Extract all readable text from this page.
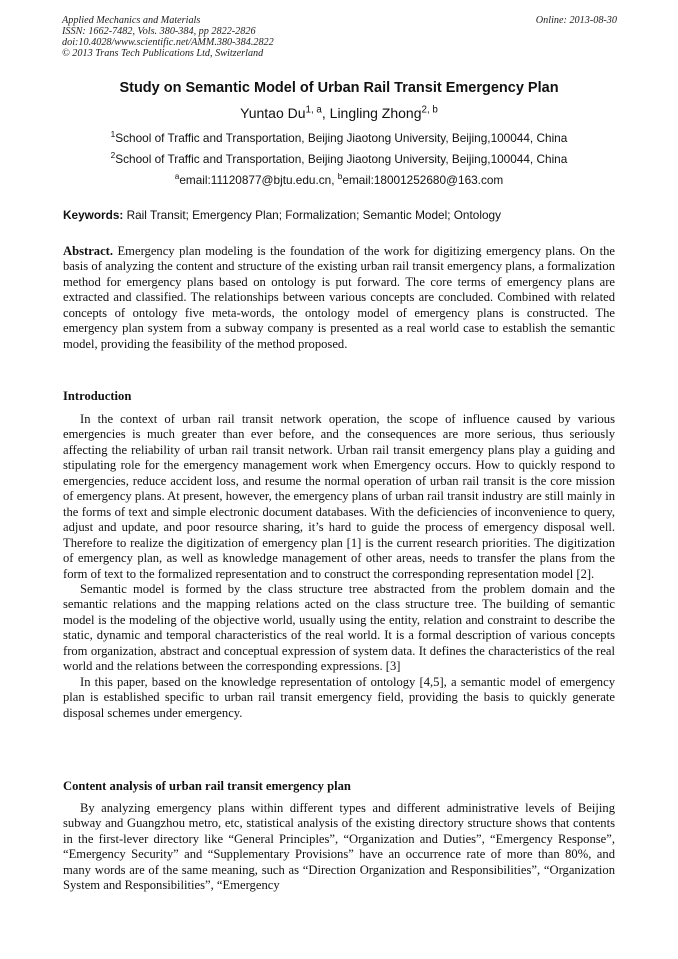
Applied Mechanics and Materials
ISSN: 1662-7482, Vols. 380-384, pp 2822-2826
doi:10.4028/www.scientific.net/AMM.380-384.2822
© 2013 Trans Tech Publications Ltd, Switzerland
Online: 2013-08-30
Study on Semantic Model of Urban Rail Transit Emergency Plan
Yuntao Du$^{1, a}$, Lingling Zhong$^{2, b}$
$^1$School of Traffic and Transportation, Beijing Jiaotong University, Beijing,100044, China
$^2$School of Traffic and Transportation, Beijing Jiaotong University, Beijing,100044, China
$^a$email:11120877@bjtu.edu.cn, $^b$email:18001252680@163.com
Keywords: Rail Transit; Emergency Plan; Formalization; Semantic Model; Ontology

Abstract. Emergency plan modeling is the foundation of the work for digitizing emergency plans. On the basis of analyzing the content and structure of the existing urban rail transit emergency plans, a formalization method for emergency plans based on ontology is put forward. The core terms of emergency plans are extracted and classified. The relationships between various concepts are concluded. Combined with related concepts of ontology five meta-words, the ontology model of emergency plans is constructed. The emergency plan system from a subway company is presented as a real world case to establish the semantic model, providing the feasibility of the method proposed.

Introduction

In the context of urban rail transit network operation, the scope of influence caused by various emergencies is much greater than ever before, and the consequences are more serious, thus seriously affecting the reliability of urban rail transit network. Urban rail transit emergency plans play a guiding and stipulating role for the emergency management work when Emergency occurs. How to quickly respond to emergencies, reduce accident loss, and resume the normal operation of urban rail transit is the core mission of emergency plans. At present, however, the emergency plans of urban rail transit industry are still mainly in the forms of text and simple electronic document databases. With the deficiencies of inconvenience to query, adjust and update, and poor resource sharing, it’s hard to guide the process of emergency disposal well. Therefore to realize the digitization of emergency plan [1] is the current research priorities. The digitization of emergency plan, as well as knowledge management of other areas, needs to transfer the plans from the form of text to the formalized representation and to construct the corresponding representation model [2].

Semantic model is formed by the class structure tree abstracted from the problem domain and the semantic relations and the mapping relations acted on the class structure tree. The building of semantic model is the modeling of the objective world, usually using the entity, relation and constraint to describe the static, dynamic and temporal characteristics of the real world. It is a formal description of various concepts from organization, abstract and conceptual expression of system data. It defines the characteristics of the real world and the relations between the corresponding expressions. [3]

In this paper, based on the knowledge representation of ontology [4,5], a semantic model of emergency plan is established specific to urban rail transit emergency field, providing the basis to quickly generate disposal schemes under emergency.

Content analysis of urban rail transit emergency plan

By analyzing emergency plans within different types and different administrative levels of Beijing subway and Guangzhou metro, etc, statistical analysis of the existing directory structure shows that contents in the first-lever directory like “General Principles”, “Organization and Duties”, “Emergency Response”, “Emergency Security” and “Supplementary Provisions” have an occurrence rate of more than 80%, and many words are of the same meaning, such as “Direction Organization and Responsibilities”, “Organization System and Responsibilities”, “Emergency
